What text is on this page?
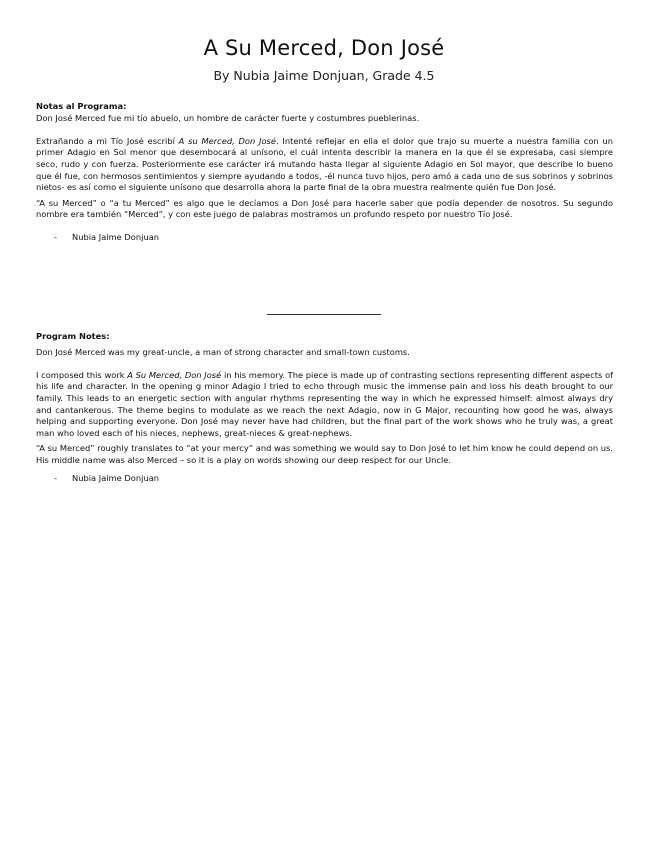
A Su Merced, Don José
By Nubia Jaime Donjuan, Grade 4.5
Notas al Programa:

Don José Merced fue mi tío abuelo, un hombre de carácter fuerte y costumbres pueblerinas.

Extrañando a mi Tío José escribí A su Merced, Don José. Intenté reflejar en ella el dolor que trajo su muerte a nuestra familia con un primer Adagio en Sol menor que desembocará al unísono, el cuál intenta describir la manera en la que él se expresaba, casi siempre seco, rudo y con fuerza. Posteriormente ese carácter irá mutando hasta llegar al siguiente Adagio en Sol mayor, que describe lo bueno que él fue, con hermosos sentimientos y siempre ayudando a todos, -él nunca tuvo hijos, pero amó a cada uno de sus sobrinos y sobrinos nietos- es así como el siguiente unísono que desarrolla ahora la parte final de la obra muestra realmente quién fue Don José.

“A su Merced” o “a tu Merced” es algo que le decíamos a Don José para hacerle saber que podía depender de nosotros. Su segundo nombre era también “Merced”, y con este juego de palabras mostramos un profundo respeto por nuestro Tío José.

-	Nubia Jaime Donjuan
Program Notes:

Don José Merced was my great-uncle, a man of strong character and small-town customs.

I composed this work A Su Merced, Don José in his memory. The piece is made up of contrasting sections representing different aspects of his life and character. In the opening g minor Adagio I tried to echo through music the immense pain and loss his death brought to our family. This leads to an energetic section with angular rhythms representing the way in which he expressed himself: almost always dry and cantankerous. The theme begins to modulate as we reach the next Adagio, now in G Major, recounting how good he was, always helping and supporting everyone. Don José may never have had children, but the final part of the work shows who he truly was, a great man who loved each of his nieces, nephews, great-nieces & great-nephews.

“A su Merced” roughly translates to “at your mercy” and was something we would say to Don José to let him know he could depend on us. His middle name was also Merced – so it is a play on words showing our deep respect for our Uncle.

-	Nubia Jaime Donjuan
